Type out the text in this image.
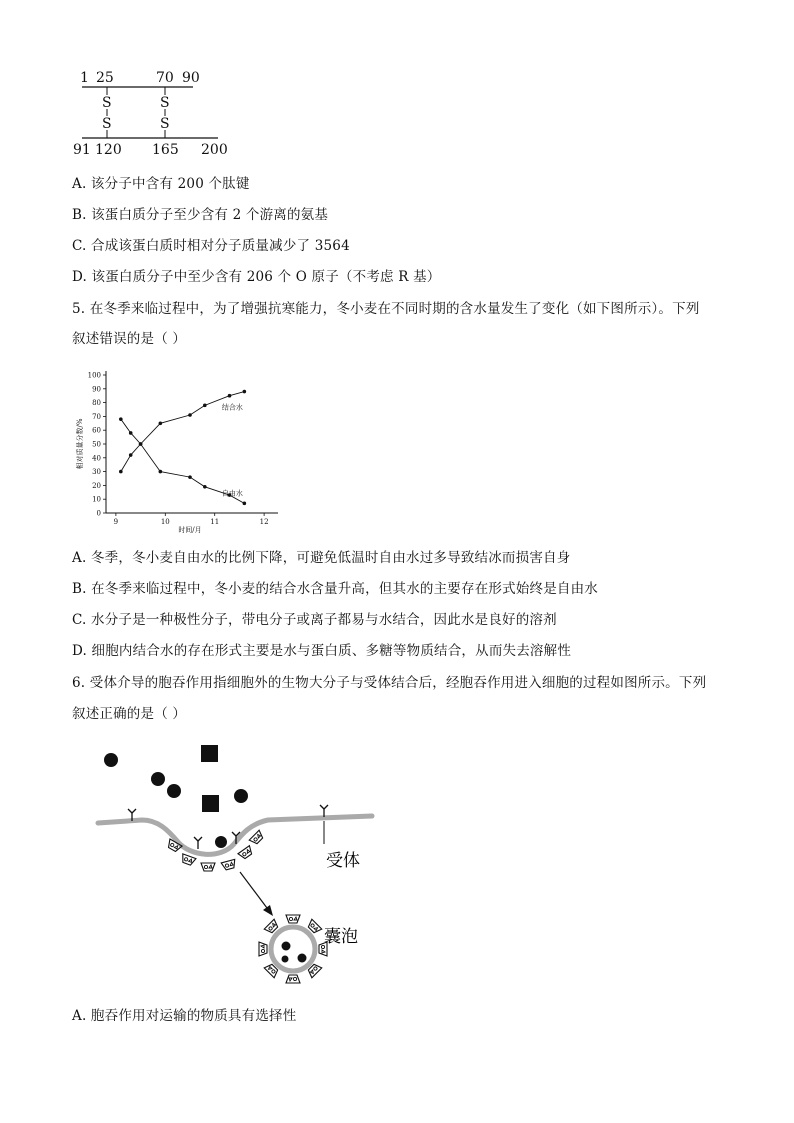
1 25	70 90
S	S
S	S
91 120 165 200
A. 该分子中含有 200 个肽键
B. 该蛋白质分子至少含有 2 个游离的氨基
C. 合成该蛋白质时相对分子质量减少了 3564
D. 该蛋白质分子中至少含有 206 个 O 原子（不考虑 R 基）
5. 在冬季来临过程中，为了增强抗寒能力，冬小麦在不同时期的含水量发生了变化（如下图所示）。下列
叙述错误的是（ ）
0
10
20
30
40
50
60
70
80
90
100
9	10	11	12
时间/月
相对质量分数/%
结合水
自由水
A. 冬季，冬小麦自由水的比例下降，可避免低温时自由水过多导致结冰而损害自身
B. 在冬季来临过程中，冬小麦的结合水含量升高，但其水的主要存在形式始终是自由水
C. 水分子是一种极性分子，带电分子或离子都易与水结合，因此水是良好的溶剂
D. 细胞内结合水的存在形式主要是水与蛋白质、多糖等物质结合，从而失去溶解性
6. 受体介导的胞吞作用指细胞外的生物大分子与受体结合后，经胞吞作用进入细胞的过程如图所示。下列
叙述正确的是（ ）
受体
囊泡
A. 胞吞作用对运输的物质具有选择性
